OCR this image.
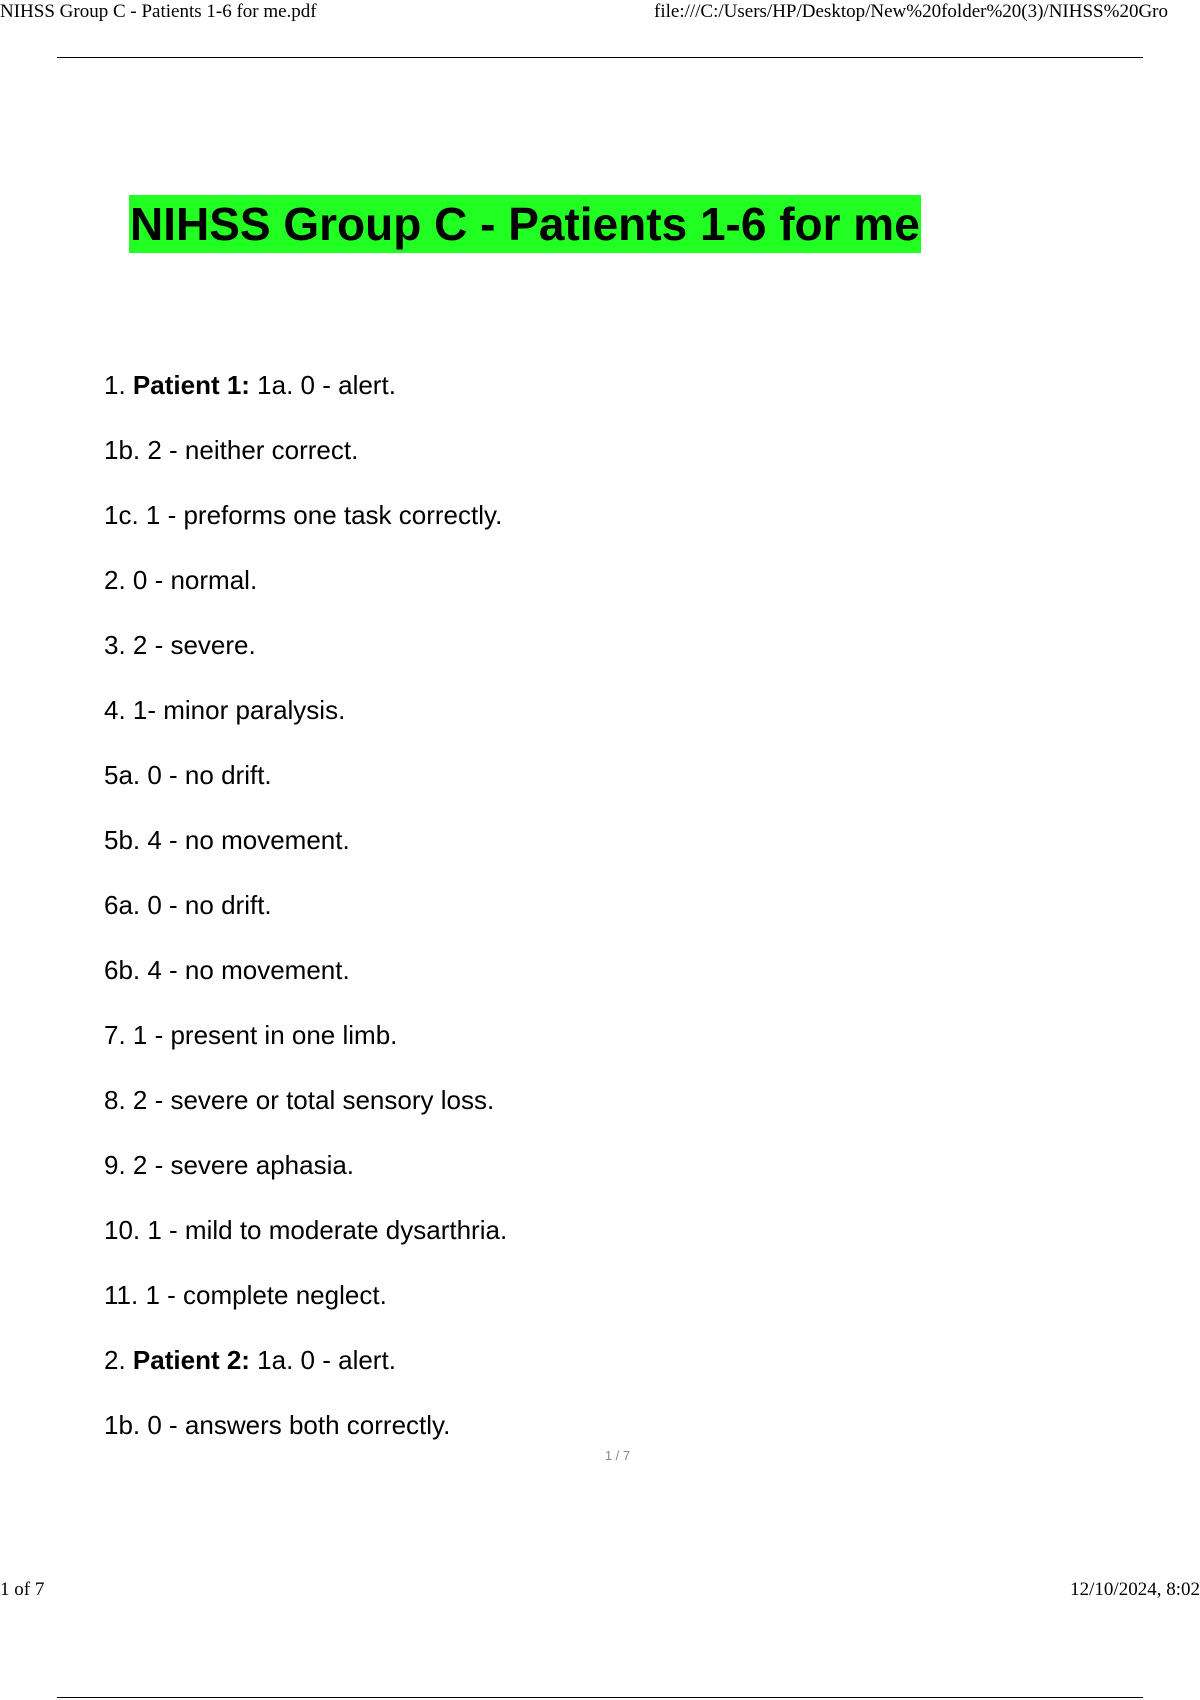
NIHSS Group C - Patients 1-6 for me.pdf	file:///C:/Users/HP/Desktop/New%20folder%20(3)/NIHSS%20Gro
NIHSS Group C - Patients 1-6 for me
1. Patient 1: 1a. 0 - alert.
1b. 2 - neither correct.
1c. 1 - preforms one task correctly.
2. 0 - normal.
3. 2 - severe.
4. 1- minor paralysis.
5a. 0 - no drift.
5b. 4 - no movement.
6a. 0 - no drift.
6b. 4 - no movement.
7. 1 - present in one limb.
8. 2 - severe or total sensory loss.
9. 2 - severe aphasia.
10. 1 - mild to moderate dysarthria.
11. 1 - complete neglect.
2. Patient 2: 1a. 0 - alert.
1b. 0 - answers both correctly.
1 / 7
1 of 7	12/10/2024, 8:02
